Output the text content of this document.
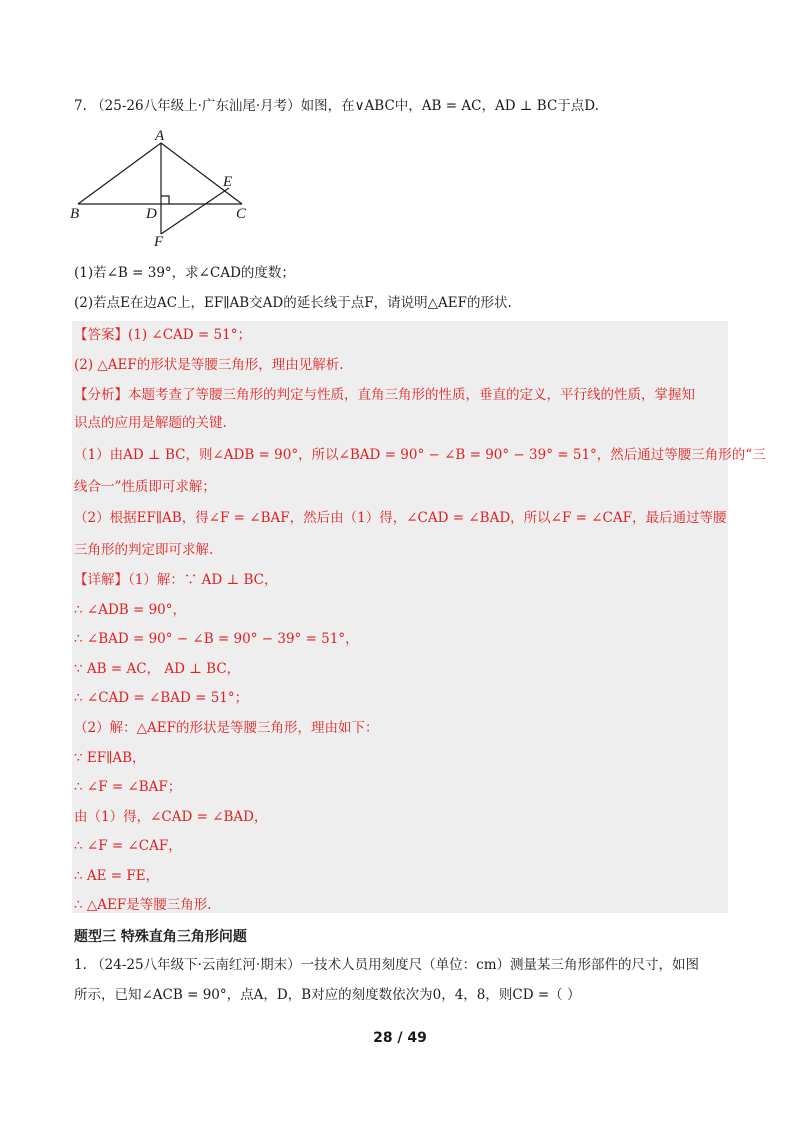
7. （25-26八年级上·广东汕尾·月考）如图，在∨ABC中，AB = AC，AD ⊥ BC于点D.
A
B	C
D
E
F
(1)若∠B = 39°，求∠CAD的度数；
(2)若点E在边AC上，EF∥AB交AD的延长线于点F，请说明△AEF的形状.
【答案】(1) ∠CAD = 51°；
(2) △AEF的形状是等腰三角形，理由见解析.
【分析】本题考查了等腰三角形的判定与性质，直角三角形的性质，垂直的定义，平行线的性质，掌握知
识点的应用是解题的关键.
（1）由AD ⊥ BC，则∠ADB = 90°，所以∠BAD = 90° − ∠B = 90° − 39° = 51°，然后通过等腰三角形的“三
线合一”性质即可求解；
（2）根据EF∥AB，得∠F = ∠BAF，然后由（1）得，∠CAD = ∠BAD，所以∠F = ∠CAF，最后通过等腰
三角形的判定即可求解.
【详解】（1）解：∵ AD ⊥ BC，
∴ ∠ADB = 90°，
∴ ∠BAD = 90° − ∠B = 90° − 39° = 51°，
∵ AB = AC， AD ⊥ BC，
∴ ∠CAD = ∠BAD = 51°；
（2）解：△AEF的形状是等腰三角形，理由如下：
∵ EF∥AB，
∴ ∠F = ∠BAF；
由（1）得，∠CAD = ∠BAD，
∴ ∠F = ∠CAF，
∴ AE = FE，
∴ △AEF是等腰三角形.
题型三 特殊直角三角形问题
1. （24-25八年级下·云南红河·期末）一技术人员用刻度尺（单位：cm）测量某三角形部件的尺寸，如图
所示，已知∠ACB = 90°，点A，D，B对应的刻度数依次为0，4，8，则CD =（ ）
28 / 49
